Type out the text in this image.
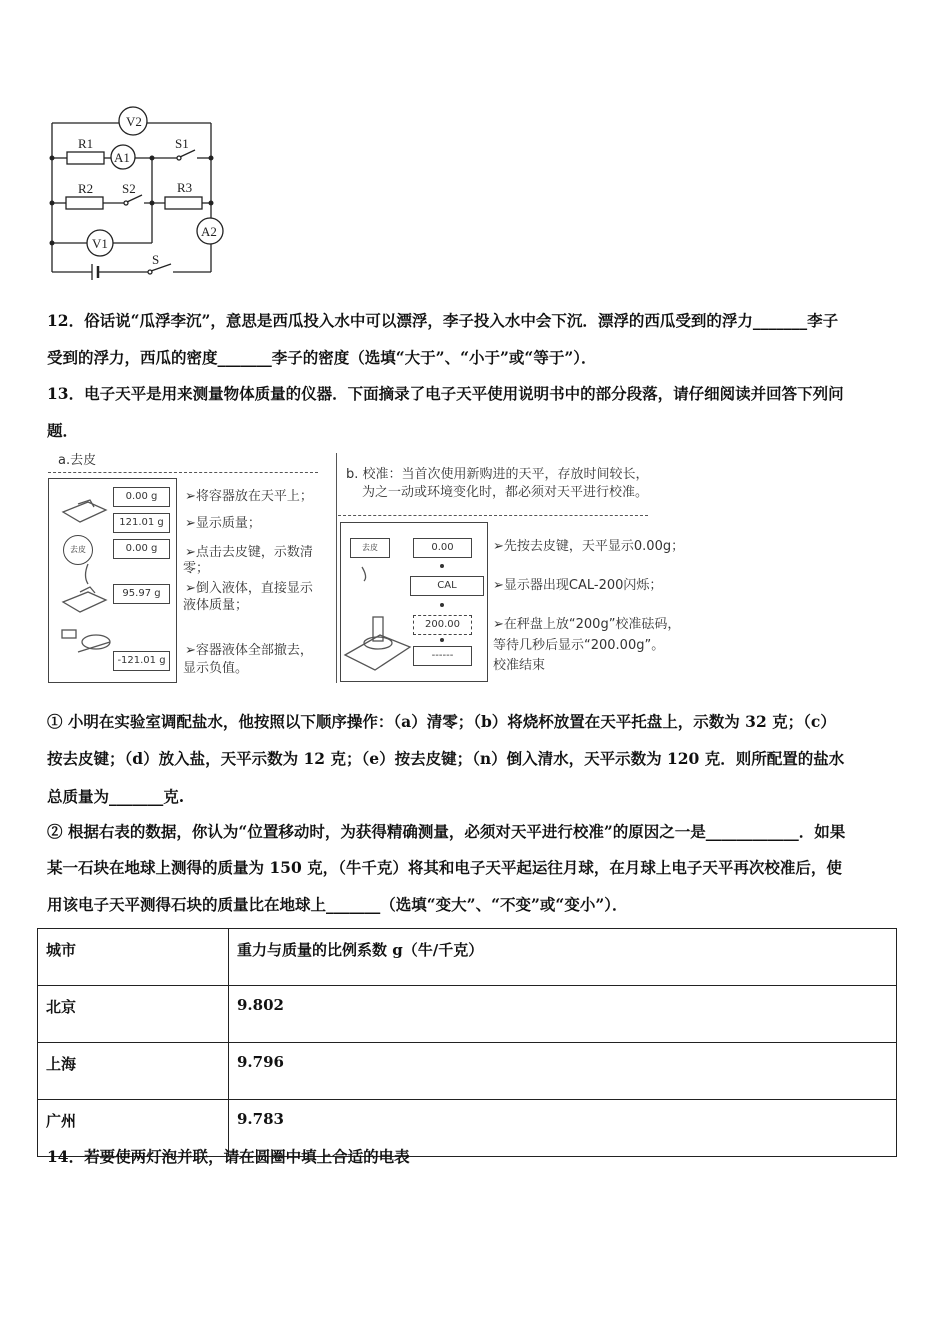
V2
R1
A1
S1
R2 S2	R3
V1
A2
S
12．俗话说“瓜浮李沉”，意思是西瓜投入水中可以漂浮，李子投入水中会下沉．漂浮的西瓜受到的浮力_______李子
受到的浮力，西瓜的密度_______李子的密度（选填“大于”、“小于”或“等于”）．
13．电子天平是用来测量物体质量的仪器．下面摘录了电子天平使用说明书中的部分段落，请仔细阅读并回答下列问
题．
a.去皮
0.00 g
121.01 g
0.00 g
95.97 g
-121.01 g
去皮
➢将容器放在天平上；
➢显示质量；
➢点击去皮键，示数清
零；
➢倒入液体，直接显示
液体质量；
➢容器液体全部撤去，
显示负值。
b. 校准：当首次使用新购进的天平，存放时间较长，
为之一动或环境变化时，都必须对天平进行校准。
去皮	0.00
CAL
200.00
------
➢先按去皮键，天平显示0.00g；
➢显示器出现CAL-200闪烁；
➢在秤盘上放“200g”校准砝码，
等待几秒后显示“200.00g”。
校准结束
① 小明在实验室调配盐水，他按照以下顺序操作：（a）清零；（b）将烧杯放置在天平托盘上，示数为 32 克；（c）
按去皮键；（d）放入盐，天平示数为 12 克；（e）按去皮键；（n）倒入清水，天平示数为 120 克．则所配置的盐水
总质量为_______克.
② 根据右表的数据，你认为“位置移动时，为获得精确测量，必须对天平进行校准”的原因之一是____________．如果
某一石块在地球上测得的质量为 150 克，（牛千克）将其和电子天平起运往月球，在月球上电子天平再次校准后，使
用该电子天平测得石块的质量比在地球上_______（选填“变大”、“不变”或“变小”）．
城市	重力与质量的比例系数 g（牛/千克）
北京	9.802
上海	9.796
广州	9.783
14．若要使两灯泡并联，请在圆圈中填上合适的电表
